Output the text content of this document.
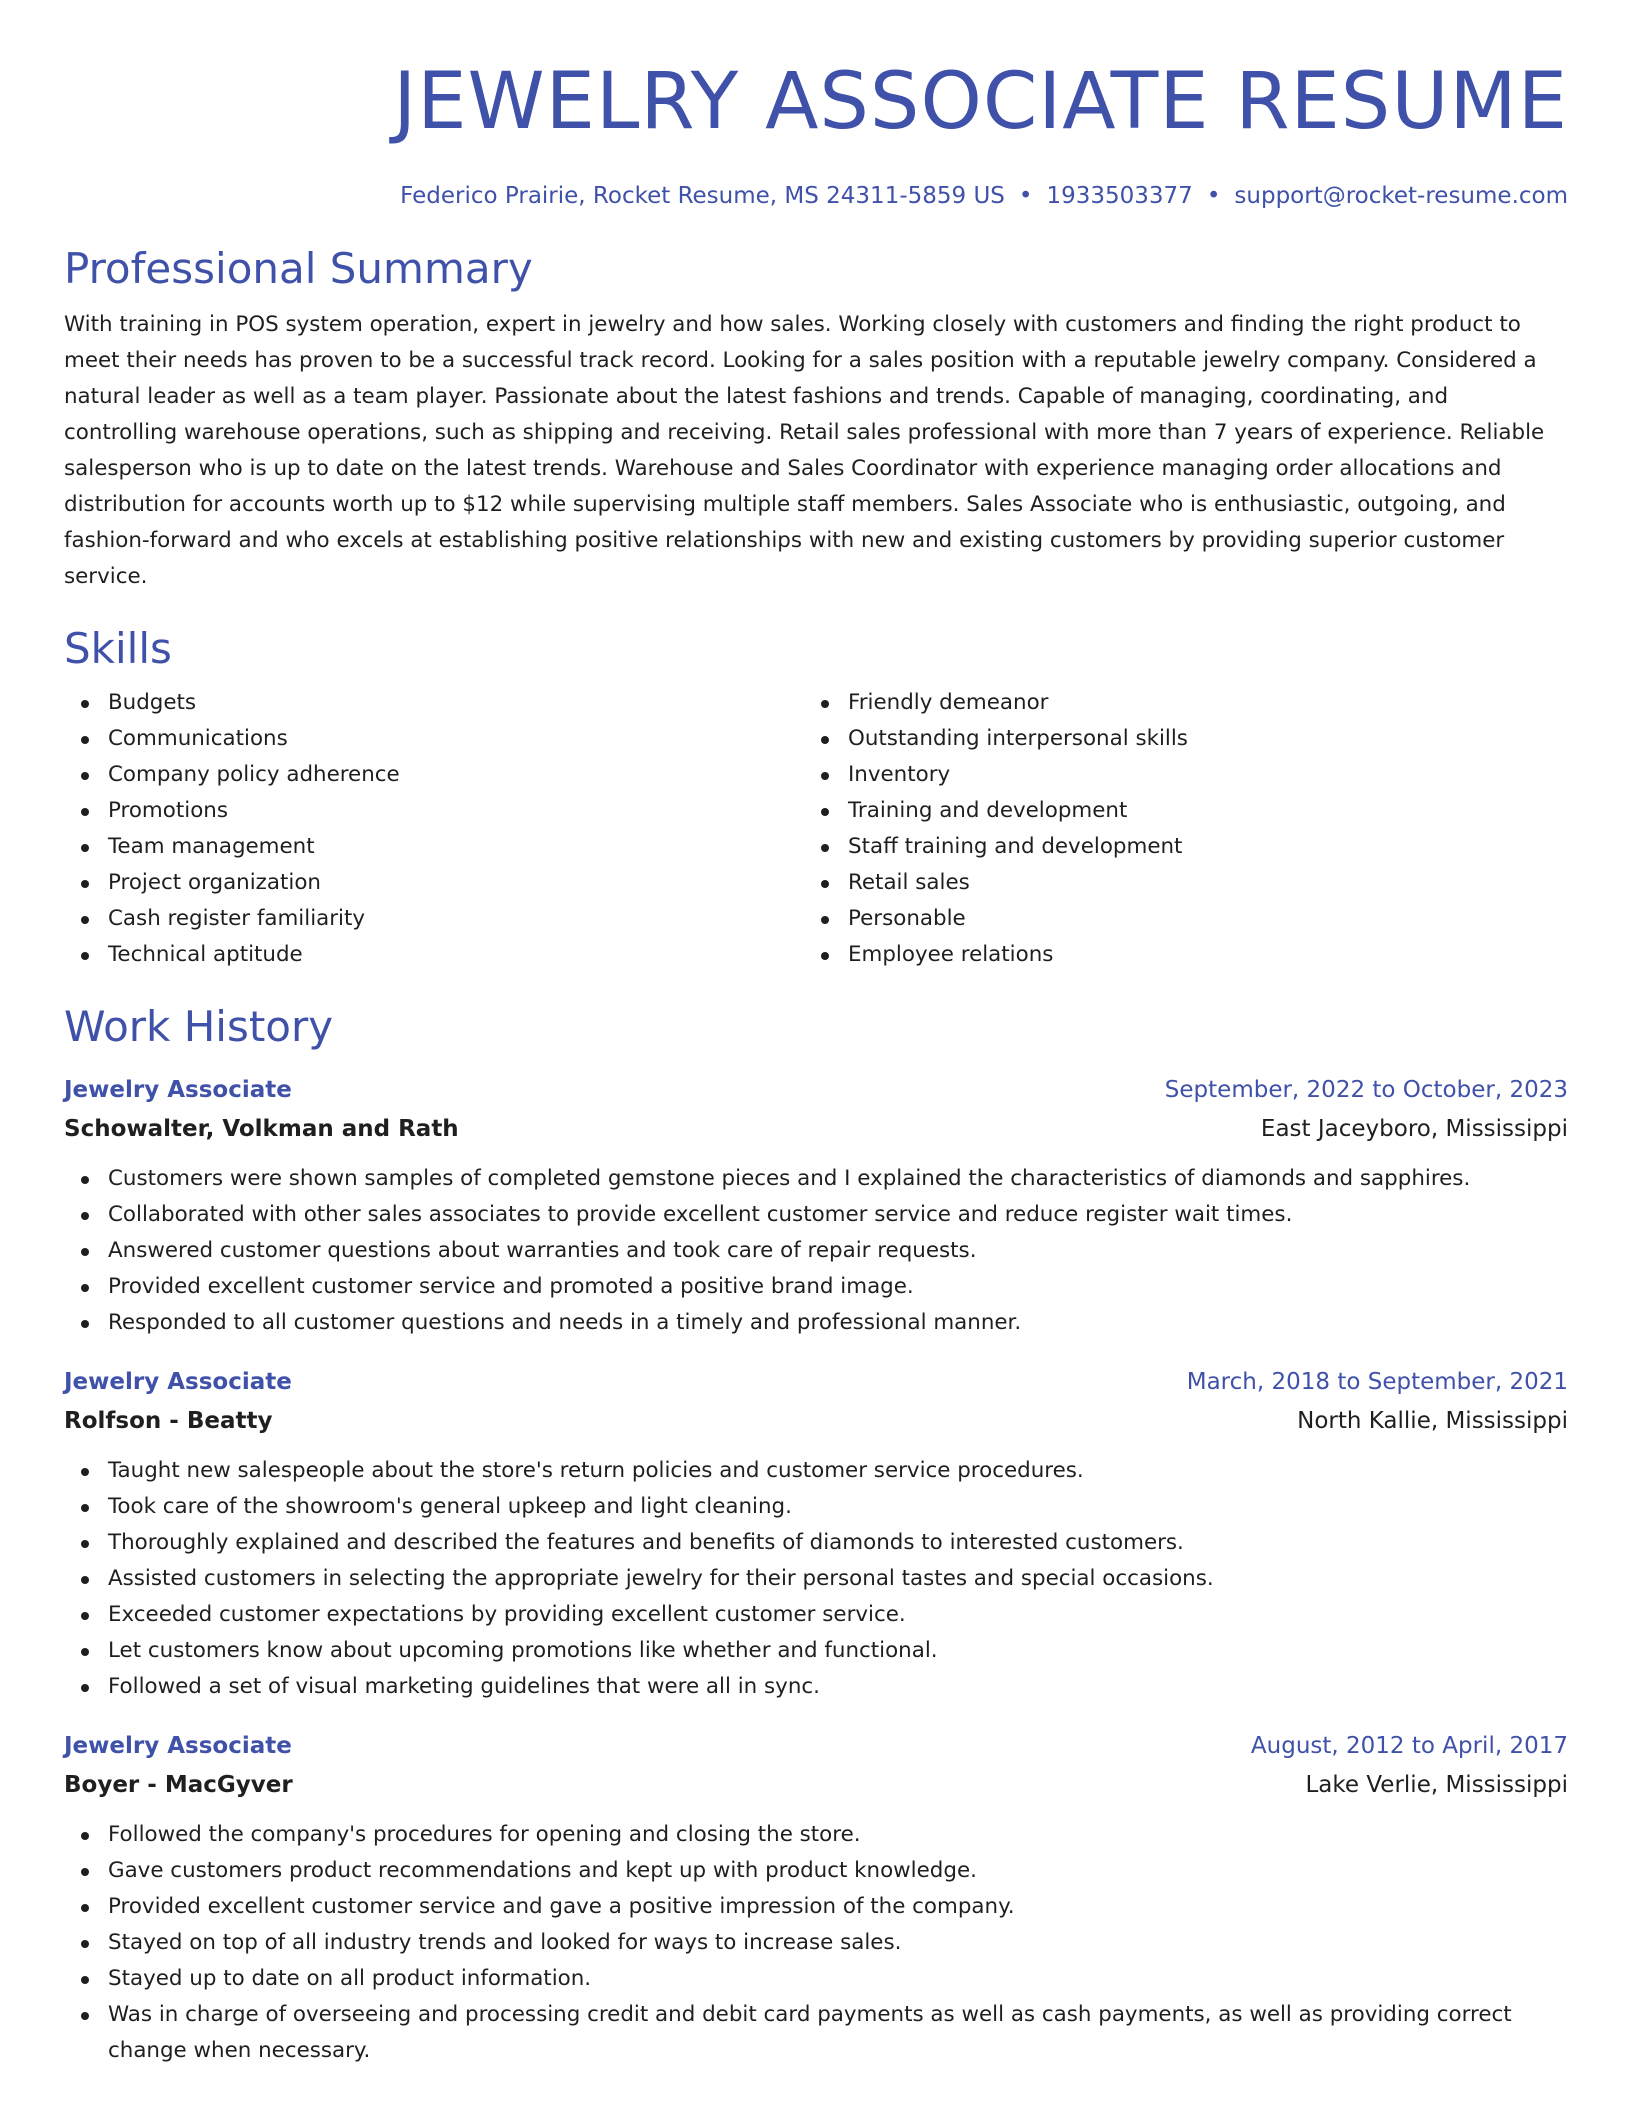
JEWELRY ASSOCIATE RESUME
Federico Prairie, Rocket Resume, MS 24311-5859 US • 1933503377 • support@rocket-resume.com
Professional Summary

With training in POS system operation, expert in jewelry and how sales. Working closely with customers and finding the right product to meet their needs has proven to be a successful track record. Looking for a sales position with a reputable jewelry company. Considered a natural leader as well as a team player. Passionate about the latest fashions and trends. Capable of managing, coordinating, and controlling warehouse operations, such as shipping and receiving. Retail sales professional with more than 7 years of experience. Reliable salesperson who is up to date on the latest trends. Warehouse and Sales Coordinator with experience managing order allocations and distribution for accounts worth up to $12 while supervising multiple staff members. Sales Associate who is enthusiastic, outgoing, and fashion-forward and who excels at establishing positive relationships with new and existing customers by providing superior customer service.

Skills
Budgets
Communications
Company policy adherence
Promotions
Team management
Project organization
Cash register familiarity
Technical aptitude
Friendly demeanor
Outstanding interpersonal skills
Inventory
Training and development
Staff training and development
Retail sales
Personable
Employee relations
Work History
Jewelry Associate	September, 2022 to October, 2023
Schowalter, Volkman and Rath	East Jaceyboro, Mississippi
Customers were shown samples of completed gemstone pieces and I explained the characteristics of diamonds and sapphires.
Collaborated with other sales associates to provide excellent customer service and reduce register wait times.
Answered customer questions about warranties and took care of repair requests.
Provided excellent customer service and promoted a positive brand image.
Responded to all customer questions and needs in a timely and professional manner.
Jewelry Associate	March, 2018 to September, 2021
Rolfson - Beatty	North Kallie, Mississippi
Taught new salespeople about the store's return policies and customer service procedures.
Took care of the showroom's general upkeep and light cleaning.
Thoroughly explained and described the features and benefits of diamonds to interested customers.
Assisted customers in selecting the appropriate jewelry for their personal tastes and special occasions.
Exceeded customer expectations by providing excellent customer service.
Let customers know about upcoming promotions like whether and functional.
Followed a set of visual marketing guidelines that were all in sync.
Jewelry Associate	August, 2012 to April, 2017
Boyer - MacGyver	Lake Verlie, Mississippi
Followed the company's procedures for opening and closing the store.
Gave customers product recommendations and kept up with product knowledge.
Provided excellent customer service and gave a positive impression of the company.
Stayed on top of all industry trends and looked for ways to increase sales.
Stayed up to date on all product information.
Was in charge of overseeing and processing credit and debit card payments as well as cash payments, as well as providing correct change when necessary.
